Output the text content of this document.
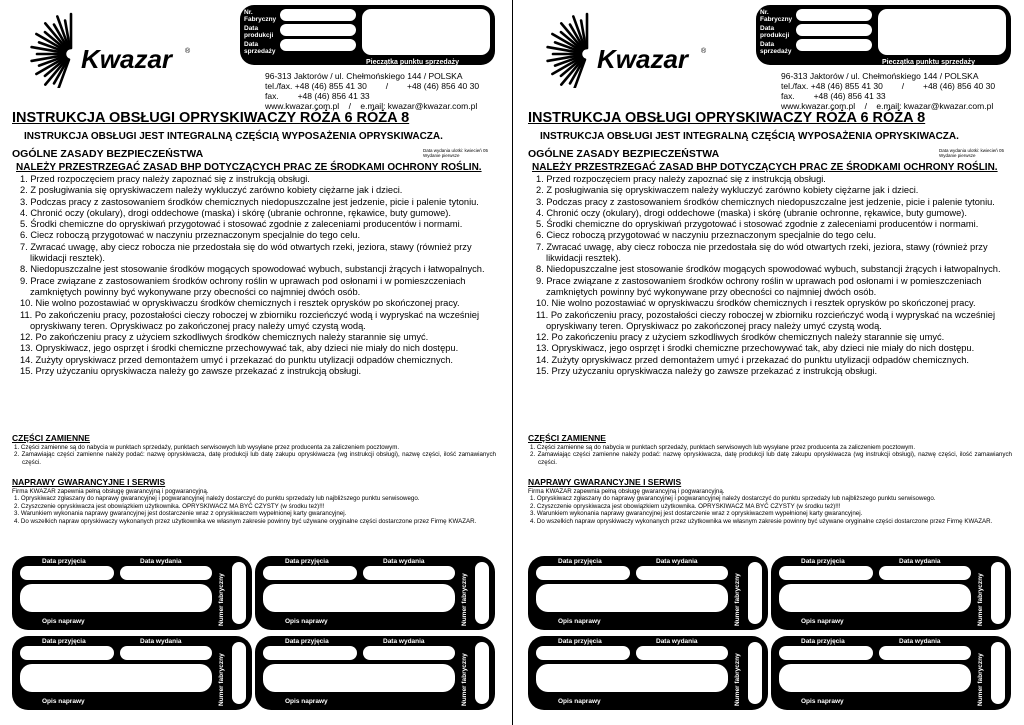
Kwazar ®
Nr.
Fabryczny
Data
produkcji
Data
sprzedaży
Pieczątka punktu sprzedaży
96-313 Jaktorów / ul. Chełmońskiego 144 / POLSKA
tel./fax. +48 (46) 855 41 30        /        +48 (46) 856 40 30
fax.        +48 (46) 856 41 33
www.kwazar.com.pl    /    e.mail: kwazar@kwazar.com.pl
INSTRUKCJA OBSŁUGI OPRYSKIWACZY RÓŻA 6 RÓŻA 8
INSTRUKCJA OBSŁUGI JEST INTEGRALNĄ CZĘŚCIĄ WYPOSAŻENIA OPRYSKIWACZA.
OGÓLNE ZASADY BEZPIECZEŃSTWA	Data wydania ulotki: kwiecień 05
Wydanie pierwsze
NALEŻY PRZESTRZEGAĆ ZASAD BHP DOTYCZĄCYCH PRAC ZE ŚRODKAMI OCHRONY ROŚLIN.
1. Przed rozpoczęciem pracy należy zapoznać się z instrukcją obsługi.
2. Z posługiwania się opryskiwaczem należy wykluczyć zarówno kobiety ciężarne jak i dzieci.
3. Podczas pracy z zastosowaniem środków chemicznych niedopuszczalne jest jedzenie, picie i palenie tytoniu.
4. Chronić oczy (okulary), drogi oddechowe (maska) i skórę (ubranie ochronne, rękawice, buty gumowe).
5. Środki chemiczne do opryskiwań przygotować i stosować zgodnie z zaleceniami producentów i normami.
6. Ciecz roboczą przygotować w naczyniu przeznaczonym specjalnie do tego celu.
7. Zwracać uwagę, aby ciecz robocza nie przedostała się do wód otwartych rzeki, jeziora, stawy (również przy likwidacji resztek).
8. Niedopuszczalne jest stosowanie środków mogących spowodować wybuch, substancji żrących i łatwopalnych.
9. Prace związane z zastosowaniem środków ochrony roślin w uprawach pod osłonami i w pomieszczeniach zamkniętych powinny być wykonywane przy obecności co najmniej dwóch osób.
10. Nie wolno pozostawiać w opryskiwaczu środków chemicznych i resztek oprysków po skończonej pracy.
11. Po zakończeniu pracy, pozostałości cieczy roboczej w zbiorniku rozcieńczyć wodą i wypryskać na wcześniej opryskiwany teren. Opryskiwacz po zakończonej pracy należy umyć czystą wodą.
12. Po zakończeniu pracy z użyciem szkodliwych środków chemicznych należy starannie się umyć.
13. Opryskiwacz, jego osprzęt i środki chemiczne przechowywać tak, aby dzieci nie miały do nich dostępu.
14. Zużyty opryskiwacz przed demontażem umyć i przekazać do punktu utylizacji odpadów chemicznych.
15. Przy użyczaniu opryskiwacza należy go zawsze przekazać z instrukcją obsługi.
CZĘŚCI ZAMIENNE
1. Części zamienne są do nabycia w punktach sprzedaży, punktach serwisowych lub wysyłane przez producenta za zaliczeniem pocztowym.
2. Zamawiając części zamienne należy podać: nazwę opryskiwacza, datę produkcji lub datę zakupu opryskiwacza (wg instrukcji obsługi), nazwę części, ilość zamawianych części.
NAPRAWY GWARANCYJNE I SERWIS
Firma KWAZAR zapewnia pełną obsługę gwarancyjną i pogwarancyjną.
1. Opryskiwacz zgłaszany do naprawy gwarancyjnej i pogwarancyjnej należy dostarczyć do punktu sprzedaży lub najbliższego punktu serwisowego.
2. Czyszczenie opryskiwacza jest obowiązkiem użytkownika. OPRYSKIWACZ MA BYĆ CZYSTY (w środku też)!!!
3. Warunkiem wykonania naprawy gwarancyjnej jest dostarczenie wraz z opryskiwaczem wypełnionej karty gwarancyjnej.
4. Do wszelkich napraw opryskiwaczy wykonanych przez użytkownika we własnym zakresie powinny być używane oryginalne części dostarczone przez Firmę KWAZAR.
Data przyjęcia	Data wydania
Opis naprawy	Numer fabryczny
Data przyjęcia	Data wydania
Opis naprawy	Numer fabryczny
Data przyjęcia	Data wydania
Opis naprawy	Numer fabryczny
Data przyjęcia	Data wydania
Opis naprawy	Numer fabryczny
Kwazar ®
Nr.
Fabryczny
Data
produkcji
Data
sprzedaży
Pieczątka punktu sprzedaży
96-313 Jaktorów / ul. Chełmońskiego 144 / POLSKA
tel./fax. +48 (46) 855 41 30        /        +48 (46) 856 40 30
fax.        +48 (46) 856 41 33
www.kwazar.com.pl    /    e.mail: kwazar@kwazar.com.pl
INSTRUKCJA OBSŁUGI OPRYSKIWACZY RÓŻA 6 RÓŻA 8
INSTRUKCJA OBSŁUGI JEST INTEGRALNĄ CZĘŚCIĄ WYPOSAŻENIA OPRYSKIWACZA.
OGÓLNE ZASADY BEZPIECZEŃSTWA	Data wydania ulotki: kwiecień 05
Wydanie pierwsze
NALEŻY PRZESTRZEGAĆ ZASAD BHP DOTYCZĄCYCH PRAC ZE ŚRODKAMI OCHRONY ROŚLIN.
1. Przed rozpoczęciem pracy należy zapoznać się z instrukcją obsługi.
2. Z posługiwania się opryskiwaczem należy wykluczyć zarówno kobiety ciężarne jak i dzieci.
3. Podczas pracy z zastosowaniem środków chemicznych niedopuszczalne jest jedzenie, picie i palenie tytoniu.
4. Chronić oczy (okulary), drogi oddechowe (maska) i skórę (ubranie ochronne, rękawice, buty gumowe).
5. Środki chemiczne do opryskiwań przygotować i stosować zgodnie z zaleceniami producentów i normami.
6. Ciecz roboczą przygotować w naczyniu przeznaczonym specjalnie do tego celu.
7. Zwracać uwagę, aby ciecz robocza nie przedostała się do wód otwartych rzeki, jeziora, stawy (również przy likwidacji resztek).
8. Niedopuszczalne jest stosowanie środków mogących spowodować wybuch, substancji żrących i łatwopalnych.
9. Prace związane z zastosowaniem środków ochrony roślin w uprawach pod osłonami i w pomieszczeniach zamkniętych powinny być wykonywane przy obecności co najmniej dwóch osób.
10. Nie wolno pozostawiać w opryskiwaczu środków chemicznych i resztek oprysków po skończonej pracy.
11. Po zakończeniu pracy, pozostałości cieczy roboczej w zbiorniku rozcieńczyć wodą i wypryskać na wcześniej opryskiwany teren. Opryskiwacz po zakończonej pracy należy umyć czystą wodą.
12. Po zakończeniu pracy z użyciem szkodliwych środków chemicznych należy starannie się umyć.
13. Opryskiwacz, jego osprzęt i środki chemiczne przechowywać tak, aby dzieci nie miały do nich dostępu.
14. Zużyty opryskiwacz przed demontażem umyć i przekazać do punktu utylizacji odpadów chemicznych.
15. Przy użyczaniu opryskiwacza należy go zawsze przekazać z instrukcją obsługi.
CZĘŚCI ZAMIENNE
1. Części zamienne są do nabycia w punktach sprzedaży, punktach serwisowych lub wysyłane przez producenta za zaliczeniem pocztowym.
2. Zamawiając części zamienne należy podać: nazwę opryskiwacza, datę produkcji lub datę zakupu opryskiwacza (wg instrukcji obsługi), nazwę części, ilość zamawianych części.
NAPRAWY GWARANCYJNE I SERWIS
Firma KWAZAR zapewnia pełną obsługę gwarancyjną i pogwarancyjną.
1. Opryskiwacz zgłaszany do naprawy gwarancyjnej i pogwarancyjnej należy dostarczyć do punktu sprzedaży lub najbliższego punktu serwisowego.
2. Czyszczenie opryskiwacza jest obowiązkiem użytkownika. OPRYSKIWACZ MA BYĆ CZYSTY (w środku też)!!!
3. Warunkiem wykonania naprawy gwarancyjnej jest dostarczenie wraz z opryskiwaczem wypełnionej karty gwarancyjnej.
4. Do wszelkich napraw opryskiwaczy wykonanych przez użytkownika we własnym zakresie powinny być używane oryginalne części dostarczone przez Firmę KWAZAR.
Data przyjęcia	Data wydania
Opis naprawy	Numer fabryczny
Data przyjęcia	Data wydania
Opis naprawy	Numer fabryczny
Data przyjęcia	Data wydania
Opis naprawy	Numer fabryczny
Data przyjęcia	Data wydania
Opis naprawy	Numer fabryczny
